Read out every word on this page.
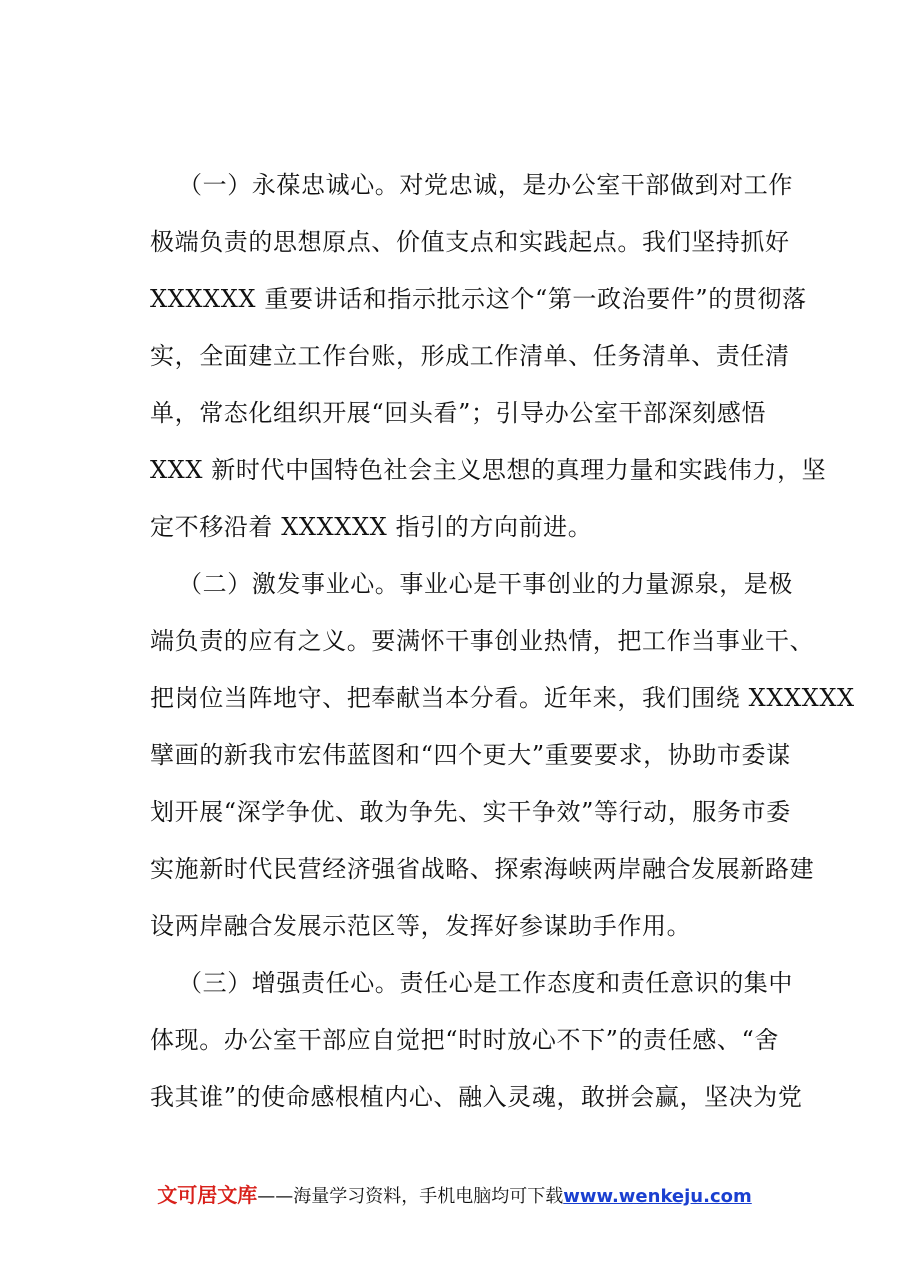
（一）永葆忠诚心。对党忠诚，是办公室干部做到对工作
极端负责的思想原点、价值支点和实践起点。我们坚持抓好
XXXXXX 重要讲话和指示批示这个“第一政治要件”的贯彻落
实，全面建立工作台账，形成工作清单、任务清单、责任清
单，常态化组织开展“回头看”；引导办公室干部深刻感悟
XXX 新时代中国特色社会主义思想的真理力量和实践伟力，坚
定不移沿着 XXXXXX 指引的方向前进。
（二）激发事业心。事业心是干事创业的力量源泉，是极
端负责的应有之义。要满怀干事创业热情，把工作当事业干、
把岗位当阵地守、把奉献当本分看。近年来，我们围绕 XXXXXX
擘画的新我市宏伟蓝图和“四个更大”重要要求，协助市委谋
划开展“深学争优、敢为争先、实干争效”等行动，服务市委
实施新时代民营经济强省战略、探索海峡两岸融合发展新路建
设两岸融合发展示范区等，发挥好参谋助手作用。
（三）增强责任心。责任心是工作态度和责任意识的集中
体现。办公室干部应自觉把“时时放心不下”的责任感、“舍
我其谁”的使命感根植内心、融入灵魂，敢拼会赢，坚决为党
文可居文库——海量学习资料，手机电脑均可下载www.wenkeju.com
